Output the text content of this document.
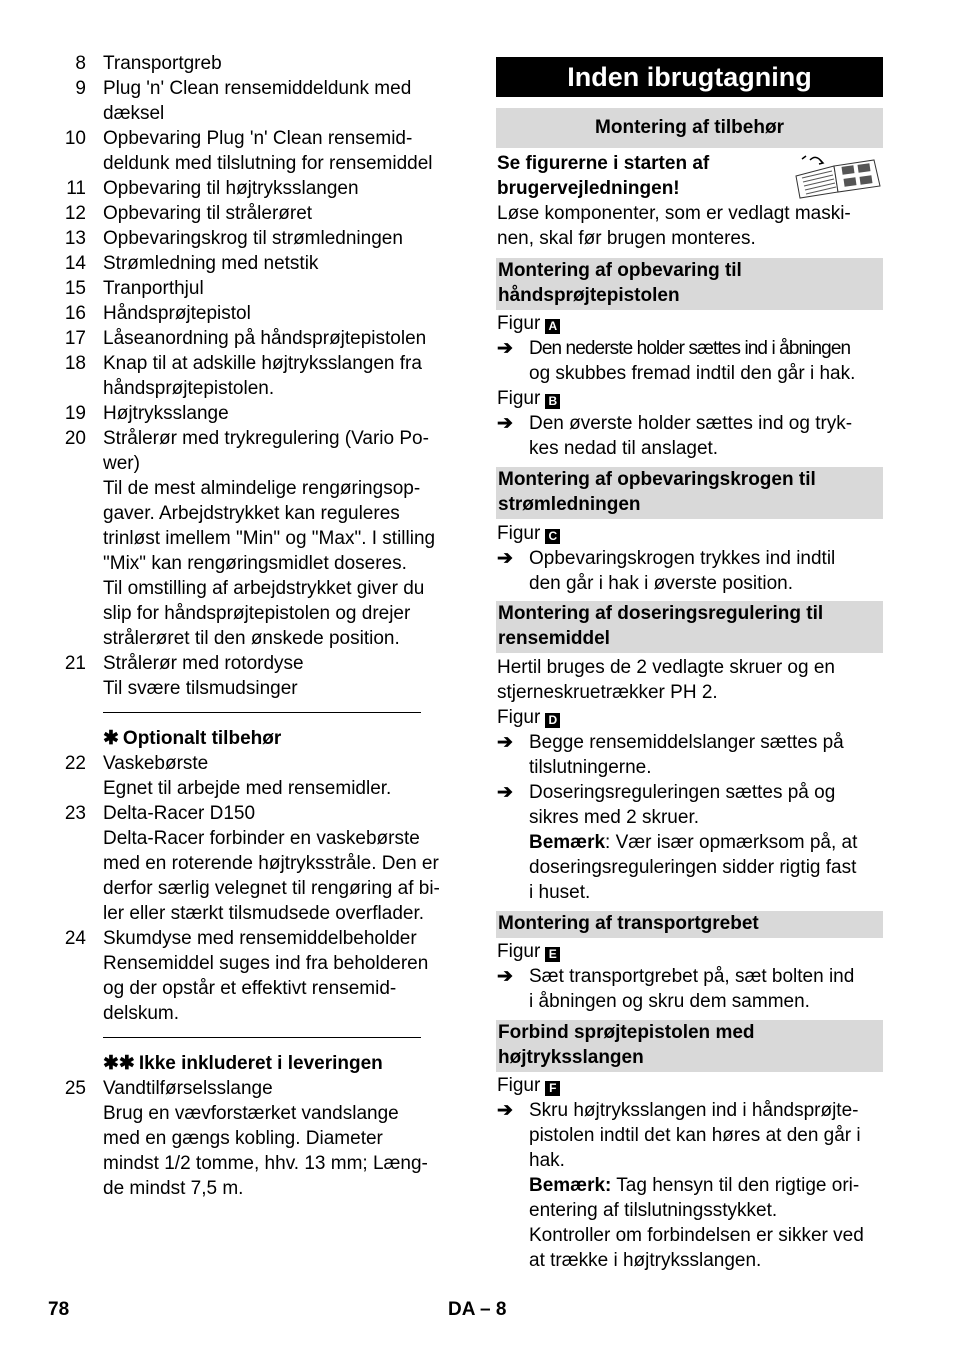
8 Transportgreb
9 Plug 'n' Clean rensemiddeldunk med
dæksel
10 Opbevaring Plug 'n' Clean rensemid-
deldunk med tilslutning for rensemiddel
11 Opbevaring til højtryksslangen
12 Opbevaring til strålerøret
13 Opbevaringskrog til strømledningen
14 Strømledning med netstik
15 Tranporthjul
16 Håndsprøjtepistol
17 Låseanordning på håndsprøjtepistolen
18 Knap til at adskille højtryksslangen fra
håndsprøjtepistolen.
19 Højtryksslange
20 Strålerør med trykregulering (Vario Po-
wer)
Til de mest almindelige rengøringsop-
gaver. Arbejdstrykket kan reguleres
trinløst imellem "Min" og "Max". I stilling
"Mix" kan rengøringsmidlet doseres.
Til omstilling af arbejdstrykket giver du
slip for håndsprøjtepistolen og drejer
strålerøret til den ønskede position.
21 Strålerør med rotordyse
Til svære tilsmudsinger
✱ Optionalt tilbehør
22 Vaskebørste
Egnet til arbejde med rensemidler.
23 Delta-Racer D150
Delta-Racer forbinder en vaskebørste
med en roterende højtryksstråle. Den er
derfor særlig velegnet til rengøring af bi-
ler eller stærkt tilsmudsede overflader.
24 Skumdyse med rensemiddelbeholder
Rensemiddel suges ind fra beholderen
og der opstår et effektivt rensemid-
delskum.
✱✱ Ikke inkluderet i leveringen
25 Vandtilførselsslange
Brug en vævforstærket vandslange
med en gængs kobling. Diameter
mindst 1/2 tomme, hhv. 13 mm; Læng-
de mindst 7,5 m.
Inden ibrugtagning
Montering af tilbehør
Se figurerne i starten af
brugervejledningen!
Løse komponenter, som er vedlagt maski-
nen, skal før brugen monteres.
Montering af opbevaring til
håndsprøjtepistolen
Figur A
➔ Den nederste holder sættes ind i åbningen
og skubbes fremad indtil den går i hak.
Figur B
➔ Den øverste holder sættes ind og tryk-
kes nedad til anslaget.
Montering af opbevaringskrogen til
strømledningen
Figur C
➔ Opbevaringskrogen trykkes ind indtil
den går i hak i øverste position.
Montering af doseringsregulering til
rensemiddel
Hertil bruges de 2 vedlagte skruer og en
stjerneskruetrækker PH 2.
Figur D
➔ Begge rensemiddelslanger sættes på
tilslutningerne.
➔ Doseringsreguleringen sættes på og
sikres med 2 skruer.
Bemærk: Vær især opmærksom på, at
doseringsreguleringen sidder rigtig fast
i huset.
Montering af transportgrebet
Figur E
➔ Sæt transportgrebet på, sæt bolten ind
i åbningen og skru dem sammen.
Forbind sprøjtepistolen med
højtryksslangen
Figur F
➔ Skru højtryksslangen ind i håndsprøjte-
pistolen indtil det kan høres at den går i
hak.
Bemærk: Tag hensyn til den rigtige ori-
entering af tilslutningsstykket.
Kontroller om forbindelsen er sikker ved
at trække i højtryksslangen.
78	DA – 8
